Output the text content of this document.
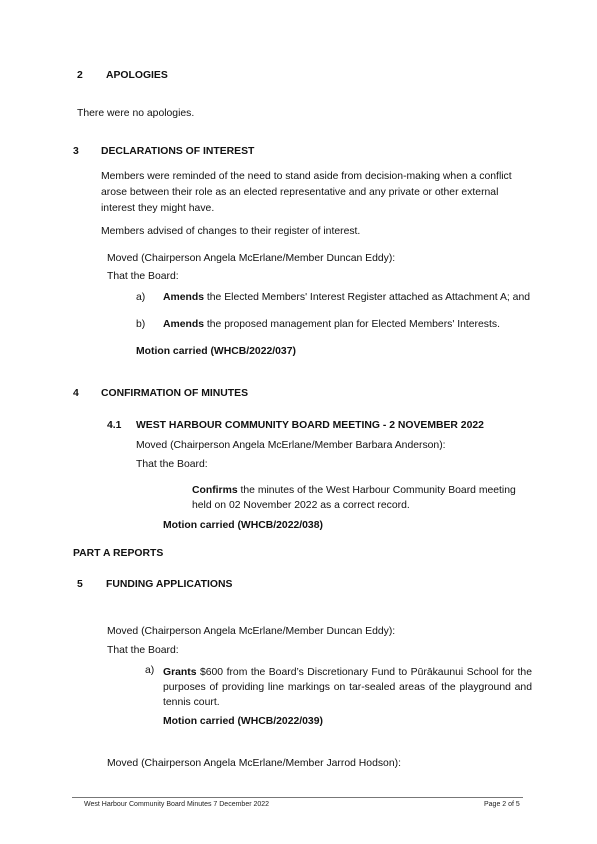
2 APOLOGIES
There were no apologies.
3 DECLARATIONS OF INTEREST
Members were reminded of the need to stand aside from decision-making when a conflict arose between their role as an elected representative and any private or other external interest they might have.
Members advised of changes to their register of interest.
Moved (Chairperson Angela McErlane/Member Duncan Eddy):
That the Board:
a) Amends the Elected Members' Interest Register attached as Attachment A; and
b) Amends the proposed management plan for Elected Members' Interests.
Motion carried (WHCB/2022/037)
4 CONFIRMATION OF MINUTES
4.1 WEST HARBOUR COMMUNITY BOARD MEETING - 2 NOVEMBER 2022
Moved (Chairperson Angela McErlane/Member Barbara Anderson):
That the Board:
Confirms the minutes of the West Harbour Community Board meeting held on 02 November 2022 as a correct record.
Motion carried (WHCB/2022/038)
PART A REPORTS
5 FUNDING APPLICATIONS
Moved (Chairperson Angela McErlane/Member Duncan Eddy):
That the Board:
a) Grants $600 from the Board’s Discretionary Fund to Pūrākaunui School for the purposes of providing line markings on tar-sealed areas of the playground and tennis court.
Motion carried (WHCB/2022/039)
Moved (Chairperson Angela McErlane/Member Jarrod Hodson):
West Harbour Community Board Minutes 7 December 2022	Page 2 of 5
